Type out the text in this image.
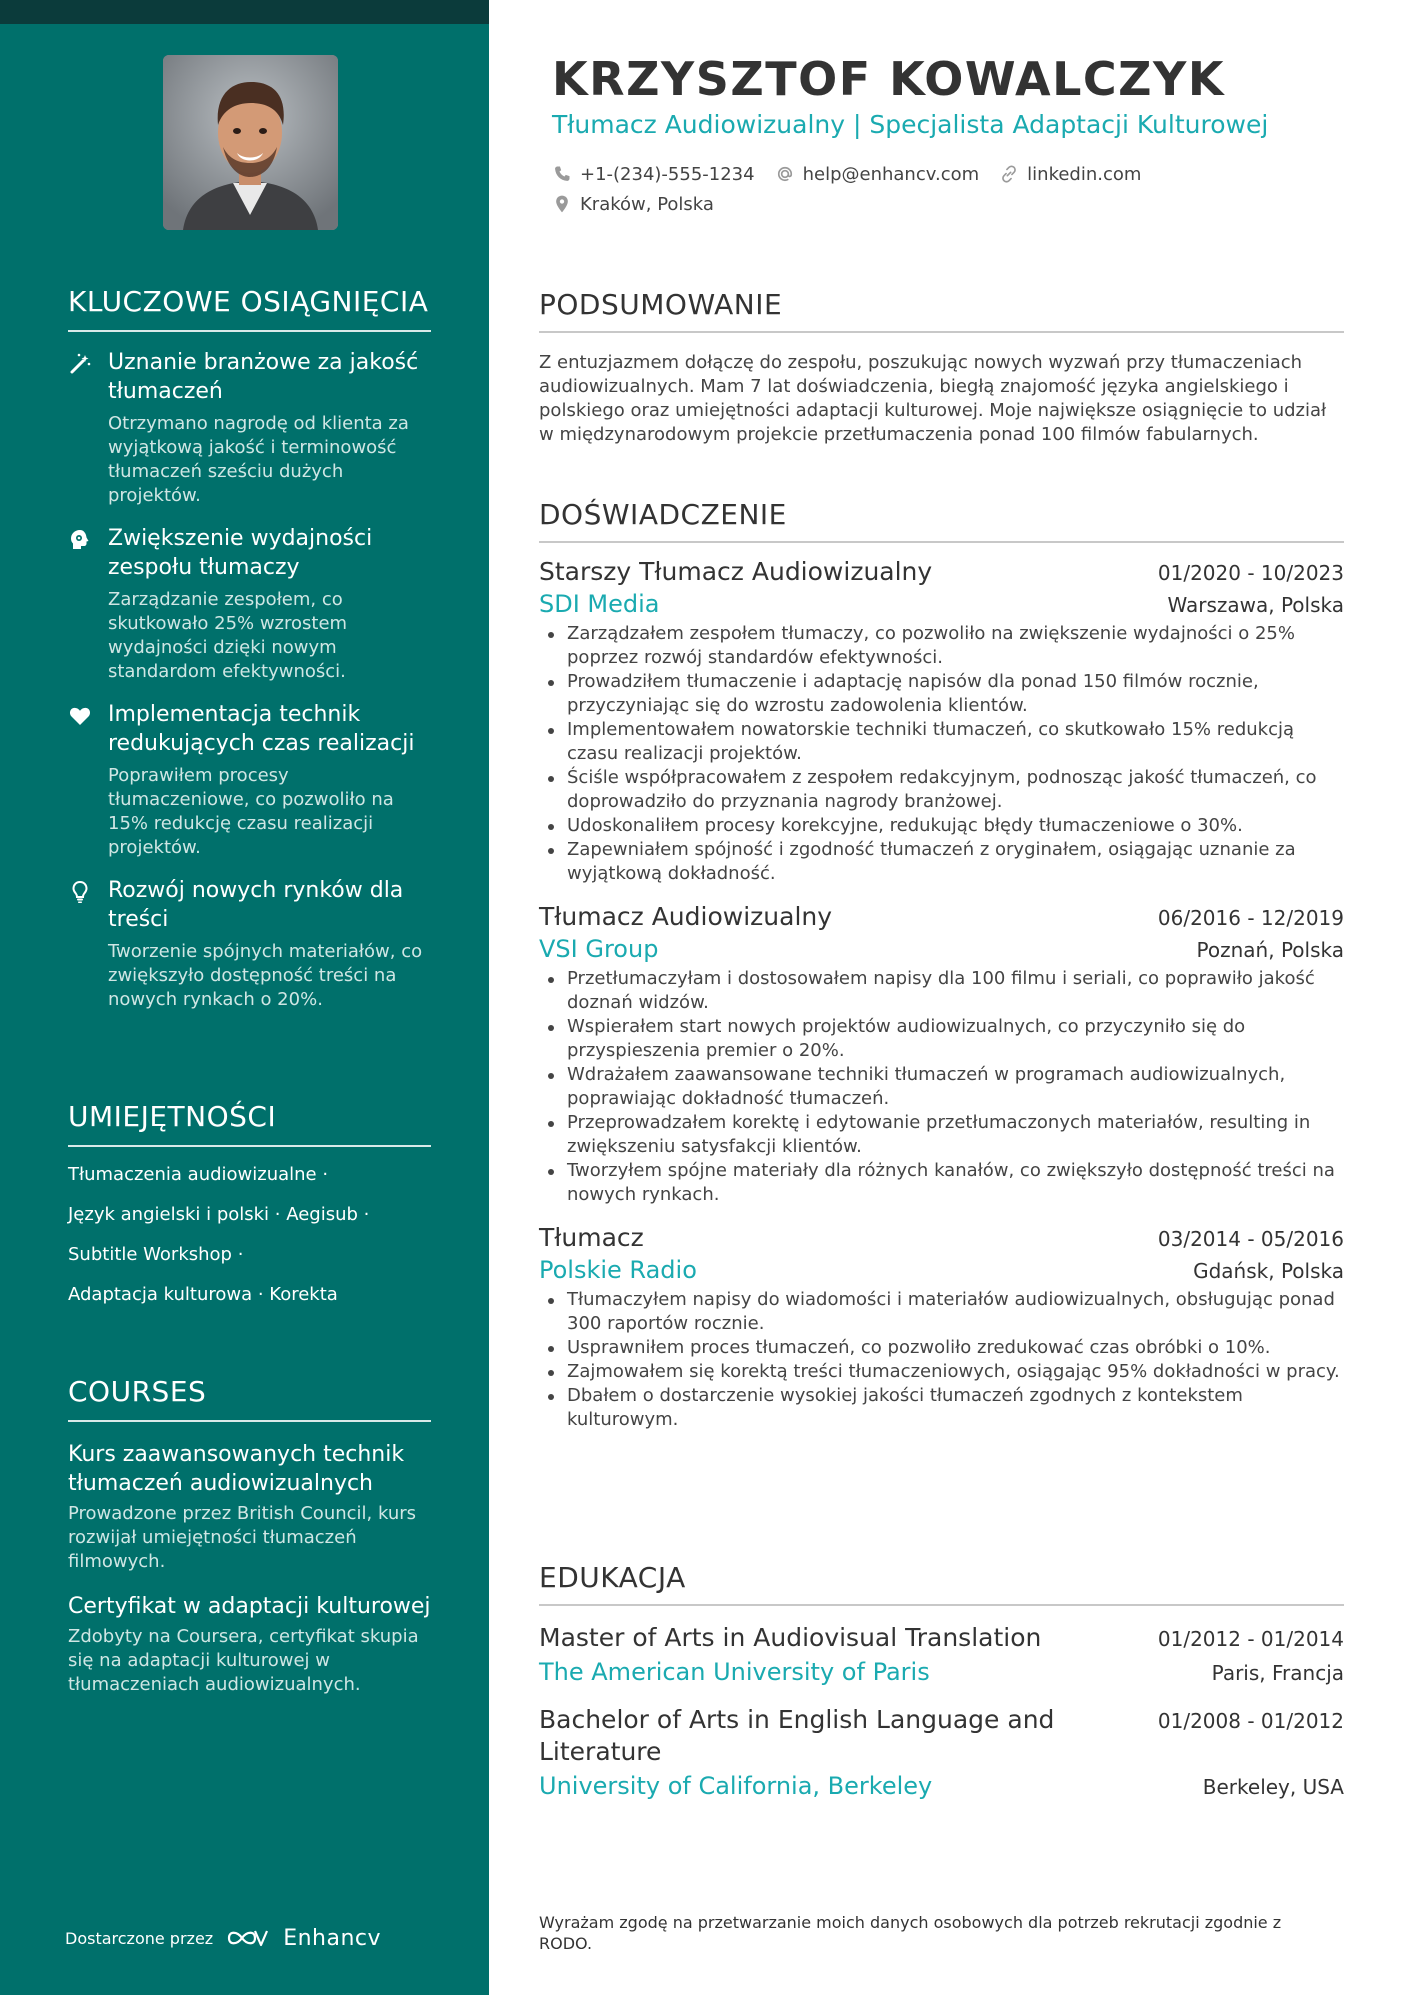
KLUCZOWE OSIĄGNIĘCIA
Uznanie branżowe za jakość tłumaczeń
Otrzymano nagrodę od klienta za wyjątkową jakość i terminowość tłumaczeń sześciu dużych projektów.
Zwiększenie wydajności zespołu tłumaczy
Zarządzanie zespołem, co skutkowało 25% wzrostem wydajności dzięki nowym standardom efektywności.
Implementacja technik redukujących czas realizacji
Poprawiłem procesy tłumaczeniowe, co pozwoliło na 15% redukcję czasu realizacji projektów.
Rozwój nowych rynków dla treści
Tworzenie spójnych materiałów, co zwiększyło dostępność treści na nowych rynkach o 20%.
UMIEJĘTNOŚCI
Tłumaczenia audiowizualne ·
Język angielski i polski · Aegisub ·
Subtitle Workshop ·
Adaptacja kulturowa · Korekta
COURSES
Kurs zaawansowanych technik tłumaczeń audiowizualnych
Prowadzone przez British Council, kurs rozwijał umiejętności tłumaczeń filmowych.
Certyfikat w adaptacji kulturowej
Zdobyty na Coursera, certyfikat skupia się na adaptacji kulturowej w tłumaczeniach audiowizualnych.
Dostarczone przez	Enhancv
KRZYSZTOF KOWALCZYK
Tłumacz Audiowizualny | Specjalista Adaptacji Kulturowej
+1-(234)-555-1234	help@enhancv.com	linkedin.com
Kraków, Polska
PODSUMOWANIE
Z entuzjazmem dołączę do zespołu, poszukując nowych wyzwań przy tłumaczeniach audiowizualnych. Mam 7 lat doświadczenia, biegłą znajomość języka angielskiego i polskiego oraz umiejętności adaptacji kulturowej. Moje największe osiągnięcie to udział w międzynarodowym projekcie przetłumaczenia ponad 100 filmów fabularnych.
DOŚWIADCZENIE
Starszy Tłumacz Audiowizualny	01/2020 - 10/2023
SDI Media	Warszawa, Polska
Zarządzałem zespołem tłumaczy, co pozwoliło na zwiększenie wydajności o 25% poprzez rozwój standardów efektywności.
Prowadziłem tłumaczenie i adaptację napisów dla ponad 150 filmów rocznie, przyczyniając się do wzrostu zadowolenia klientów.
Implementowałem nowatorskie techniki tłumaczeń, co skutkowało 15% redukcją czasu realizacji projektów.
Ściśle współpracowałem z zespołem redakcyjnym, podnosząc jakość tłumaczeń, co doprowadziło do przyznania nagrody branżowej.
Udoskonaliłem procesy korekcyjne, redukując błędy tłumaczeniowe o 30%.
Zapewniałem spójność i zgodność tłumaczeń z oryginałem, osiągając uznanie za wyjątkową dokładność.
Tłumacz Audiowizualny	06/2016 - 12/2019
VSI Group	Poznań, Polska
Przetłumaczyłam i dostosowałem napisy dla 100 filmu i seriali, co poprawiło jakość doznań widzów.
Wspierałem start nowych projektów audiowizualnych, co przyczyniło się do przyspieszenia premier o 20%.
Wdrażałem zaawansowane techniki tłumaczeń w programach audiowizualnych, poprawiając dokładność tłumaczeń.
Przeprowadzałem korektę i edytowanie przetłumaczonych materiałów, resulting in zwiększeniu satysfakcji klientów.
Tworzyłem spójne materiały dla różnych kanałów, co zwiększyło dostępność treści na nowych rynkach.
Tłumacz	03/2014 - 05/2016
Polskie Radio	Gdańsk, Polska
Tłumaczyłem napisy do wiadomości i materiałów audiowizualnych, obsługując ponad 300 raportów rocznie.
Usprawniłem proces tłumaczeń, co pozwoliło zredukować czas obróbki o 10%.
Zajmowałem się korektą treści tłumaczeniowych, osiągając 95% dokładności w pracy.
Dbałem o dostarczenie wysokiej jakości tłumaczeń zgodnych z kontekstem kulturowym.
EDUKACJA
Master of Arts in Audiovisual Translation	01/2012 - 01/2014
The American University of Paris	Paris, Francja
Bachelor of Arts in English Language and Literature
01/2008 - 01/2012
University of California, Berkeley	Berkeley, USA
Wyrażam zgodę na przetwarzanie moich danych osobowych dla potrzeb rekrutacji zgodnie z RODO.
